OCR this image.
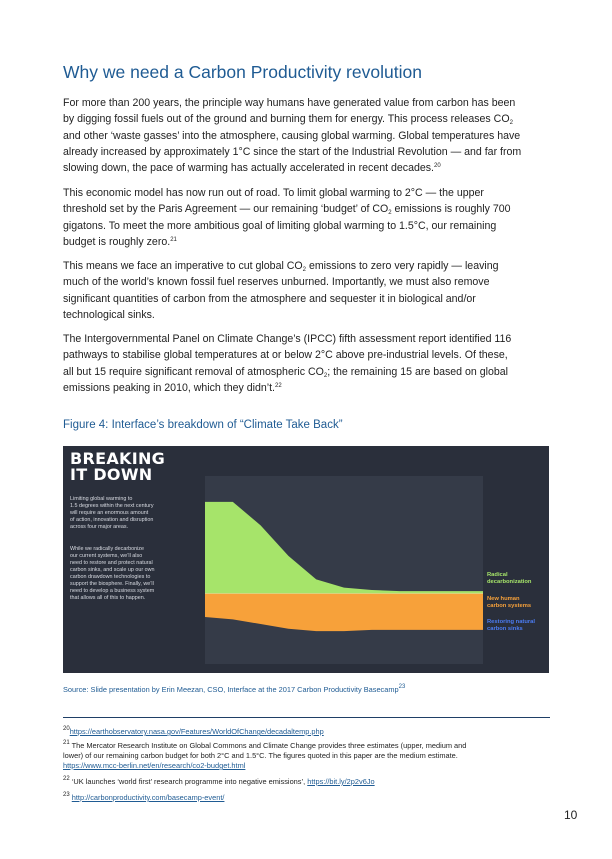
Why we need a Carbon Productivity revolution
For more than 200 years, the principle way humans have generated value from carbon has been
by digging fossil fuels out of the ground and burning them for energy. This process releases $CO_2$
and other ‘waste gasses’ into the atmosphere, causing global warming. Global temperatures have
already increased by approximately 1°C since the start of the Industrial Revolution — and far from
slowing down, the pace of warming has actually accelerated in recent decades.$^{20}$
This economic model has now run out of road. To limit global warming to 2°C — the upper
threshold set by the Paris Agreement — our remaining ‘budget’ of $CO_2$ emissions is roughly 700
gigatons. To meet the more ambitious goal of limiting global warming to 1.5°C, our remaining
budget is roughly zero.$^{21}$
This means we face an imperative to cut global $CO_2$ emissions to zero very rapidly — leaving
much of the world’s known fossil fuel reserves unburned. Importantly, we must also remove
significant quantities of carbon from the atmosphere and sequester it in biological and/or
technological sinks.
The Intergovernmental Panel on Climate Change’s (IPCC) fifth assessment report identified 116
pathways to stabilise global temperatures at or below 2°C above pre-industrial levels. Of these,
all but 15 require significant removal of atmospheric $CO_2$; the remaining 15 are based on global
emissions peaking in 2010, which they didn’t.$^{22}$
Figure 4: Interface’s breakdown of “Climate Take Back”
BREAKING
IT DOWN
Limiting global warming to
1.5 degrees within the next century
will require an enormous amount
of action, innovation and disruption
across four major areas.
While we radically decarbonize
our current systems, we’ll also
need to restore and protect natural
carbon sinks, and scale up our own
carbon drawdown technologies to
support the biosphere. Finally, we’ll
need to develop a business system
that allows all of this to happen.
Radical
decarbonization
New human
carbon systems
Restoring natural
carbon sinks
Source: Slide presentation by Erin Meezan, CSO, Interface at the 2017 Carbon Productivity Basecamp$^{23}$
$^{20}$https://earthobservatory.nasa.gov/Features/WorldOfChange/decadaltemp.php
$^{21}$ The Mercator Research Institute on Global Commons and Climate Change provides three estimates (upper, medium and
lower) of our remaining carbon budget for both 2°C and 1.5°C. The figures quoted in this paper are the medium estimate.
https://www.mcc-berlin.net/en/research/co2-budget.html
$^{22}$ ‘UK launches ‘world first’ research programme into negative emissions’, https://bit.ly/2p2v6Jo
$^{23}$ http://carbonproductivity.com/basecamp-event/
10
